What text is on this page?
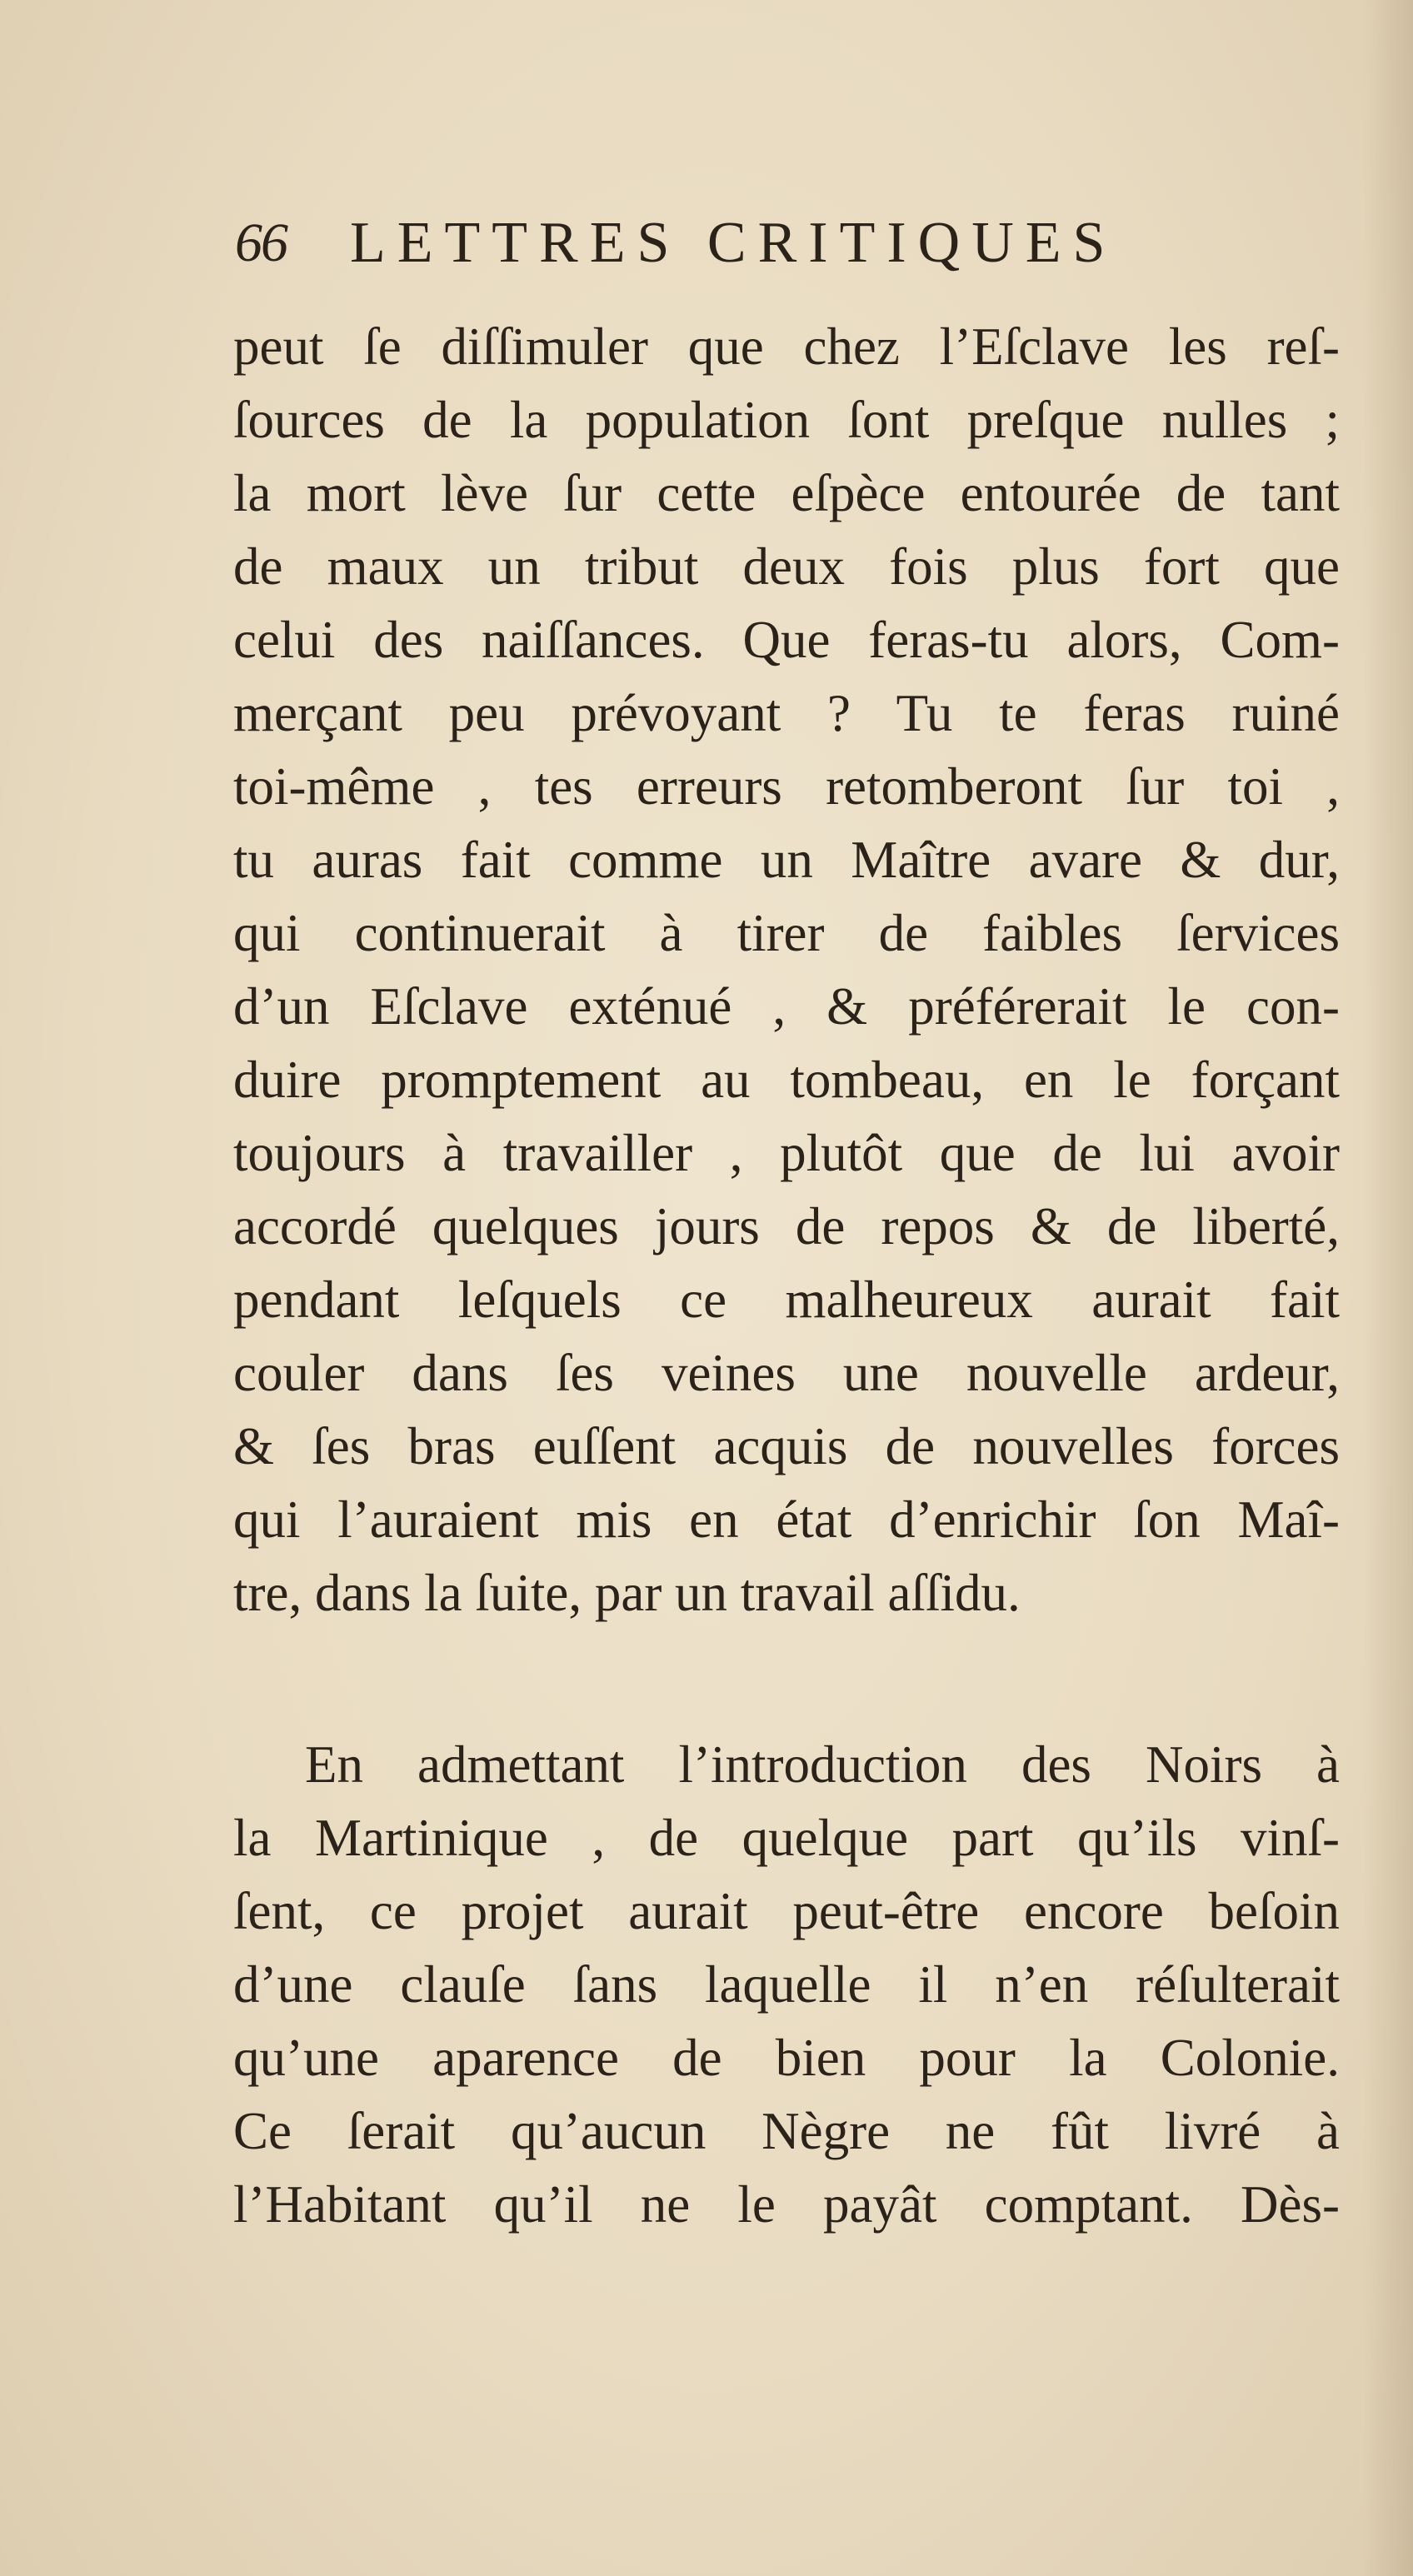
66 LETTRES CRITIQUES
peut ſe diſſimuler que chez l’Eſclave les reſ-
ſources de la population ſont preſque nulles ;
la mort lève ſur cette eſpèce entourée de tant
de maux un tribut deux fois plus fort que
celui des naiſſances. Que feras-tu alors, Com-
merçant peu prévoyant ? Tu te feras ruiné
toi-même , tes erreurs retomberont ſur toi ,
tu auras fait comme un Maître avare & dur,
qui continuerait à tirer de faibles ſervices
d’un Eſclave exténué , & préférerait le con-
duire promptement au tombeau, en le forçant
toujours à travailler , plutôt que de lui avoir
accordé quelques jours de repos & de liberté,
pendant leſquels ce malheureux aurait fait
couler dans ſes veines une nouvelle ardeur,
& ſes bras euſſent acquis de nouvelles forces
qui l’auraient mis en état d’enrichir ſon Maî-
tre, dans la ſuite, par un travail aſſidu.
En admettant l’introduction des Noirs à
la Martinique , de quelque part qu’ils vinſ-
ſent, ce projet aurait peut-être encore beſoin
d’une clauſe ſans laquelle il n’en réſulterait
qu’une aparence de bien pour la Colonie.
Ce ſerait qu’aucun Nègre ne fût livré à
l’Habitant qu’il ne le payât comptant. Dès-
